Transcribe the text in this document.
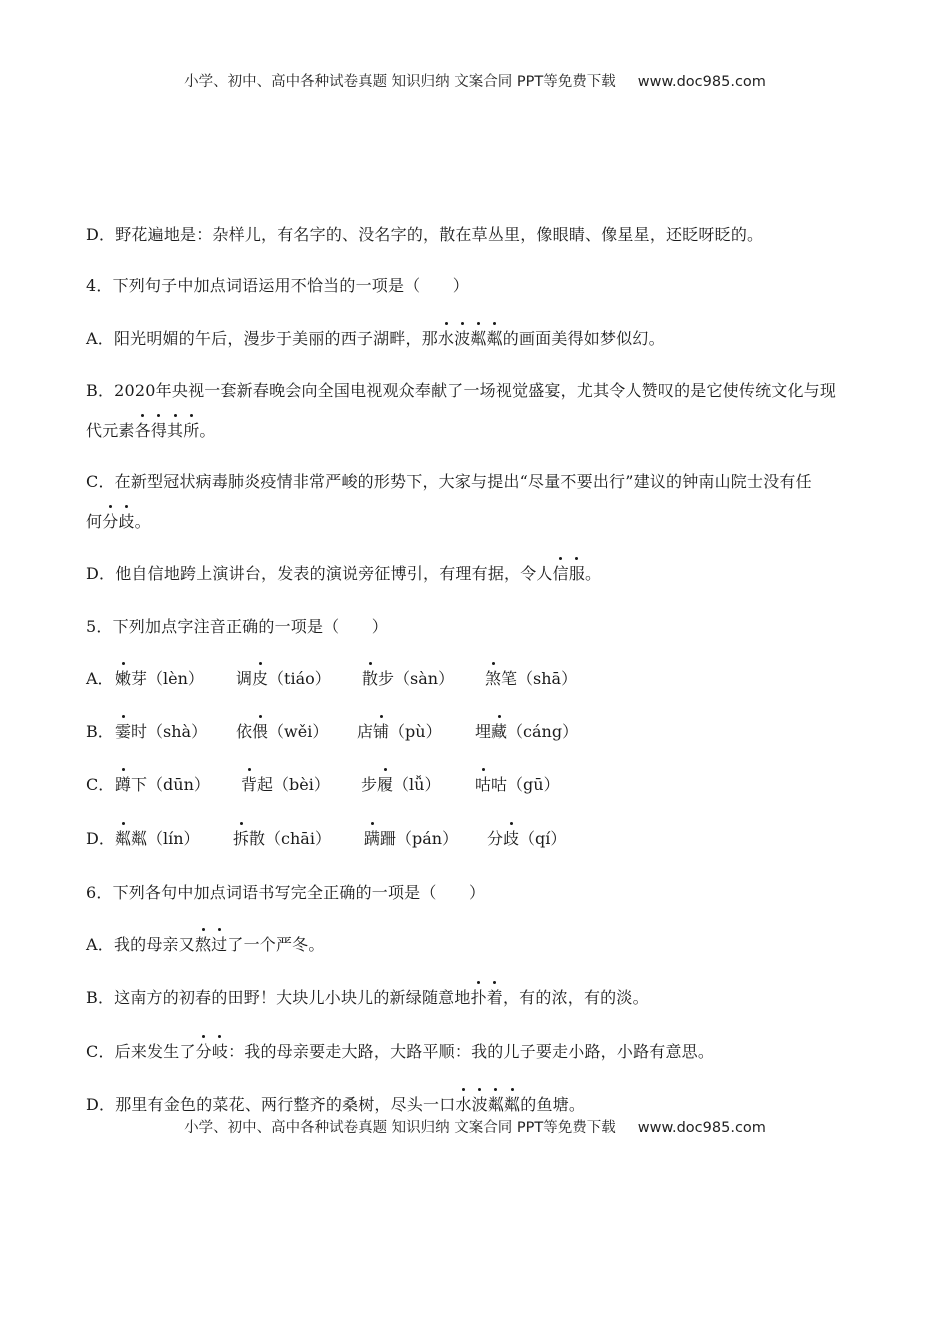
小学、初中、高中各种试卷真题 知识归纳 文案合同 PPT等免费下载 www.doc985.com
D．野花遍地是：杂样儿，有名字的、没名字的，散在草丛里，像眼睛、像星星，还眨呀眨的。
4．下列句子中加点词语运用不恰当的一项是（　　）
A．阳光明媚的午后，漫步于美丽的西子湖畔，那水波粼粼的画面美得如梦似幻。
B．2020年央视一套新春晚会向全国电视观众奉献了一场视觉盛宴，尤其令人赞叹的是它使传统文化与现
代元素各得其所。
C．在新型冠状病毒肺炎疫情非常严峻的形势下，大家与提出“尽量不要出行”建议的钟南山院士没有任
何分歧。
D．他自信地跨上演讲台，发表的演说旁征博引，有理有据，令人信服。
5．下列加点字注音正确的一项是（　　）
A． 嫩芽（lèn） 调皮（tiáo） 散步（sàn） 煞笔（shā）
B． 霎时（shà） 依偎（wěi） 店铺（pù） 埋藏（cáng）
C． 蹲下（dūn） 背起（bèi） 步履（lǚ） 咕咕（gū）
D． 粼粼（lín） 拆散（chāi） 蹒跚（pán） 分歧（qí）
6．下列各句中加点词语书写完全正确的一项是（　　）
A．我的母亲又熬过了一个严冬。
B．这南方的初春的田野！大块儿小块儿的新绿随意地扑着，有的浓，有的淡。
C．后来发生了分岐：我的母亲要走大路，大路平顺：我的儿子要走小路，小路有意思。
D．那里有金色的菜花、两行整齐的桑树，尽头一口水波粼粼的鱼塘。
小学、初中、高中各种试卷真题 知识归纳 文案合同 PPT等免费下载 www.doc985.com
